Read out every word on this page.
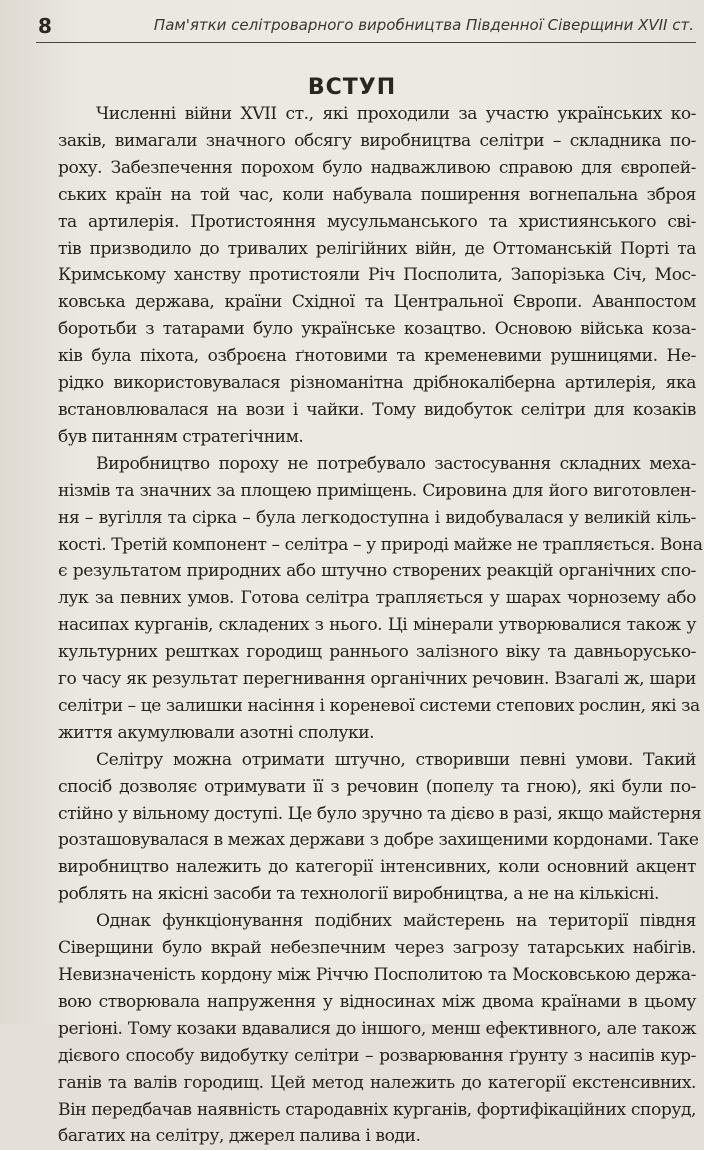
8	Пам'ятки селітроварного виробництва Південної Сіверщини XVII ст.
ВСТУП

Численні війни XVII ст., які проходили за участю українських ко-
заків, вимагали значного обсягу виробництва селітри – складника по-
роху. Забезпечення порохом було надважливою справою для європей-
ських країн на той час, коли набувала поширення вогнепальна зброя
та артилерія. Протистояння мусульманського та християнського сві-
тів призводило до тривалих релігійних війн, де Оттоманській Порті та
Кримському ханству протистояли Річ Посполита, Запорізька Січ, Мос-
ковська держава, країни Східної та Центральної Європи. Аванпостом
боротьби з татарами було українське козацтво. Основою війська коза-
ків була піхота, озброєна ґнотовими та кременевими рушницями. Не-
рідко використовувалася різноманітна дрібнокаліберна артилерія, яка
встановлювалася на вози і чайки. Тому видобуток селітри для козаків
був питанням стратегічним.

Виробництво пороху не потребувало застосування складних меха-
нізмів та значних за площею приміщень. Сировина для його виготовлен-
ня – вугілля та сірка – була легкодоступна і видобувалася у великій кіль-
кості. Третій компонент – селітра – у природі майже не трапляється. Вона
є результатом природних або штучно створених реакцій органічних спо-
лук за певних умов. Готова селітра трапляється у шарах чорнозему або
насипах курганів, складених з нього. Ці мінерали утворювалися також у
культурних рештках городищ раннього залізного віку та давньорусько-
го часу як результат перегнивання органічних речовин. Взагалі ж, шари
селітри – це залишки насіння і кореневої системи степових рослин, які за
життя акумулювали азотні сполуки.

Селітру можна отримати штучно, створивши певні умови. Такий
спосіб дозволяє отримувати її з речовин (попелу та гною), які були по-
стійно у вільному доступі. Це було зручно та дієво в разі, якщо майстерня
розташовувалася в межах держави з добре захищеними кордонами. Таке
виробництво належить до категорії інтенсивних, коли основний акцент
роблять на якісні засоби та технології виробництва, а не на кількісні.

Однак функціонування подібних майстерень на території півдня
Сіверщини було вкрай небезпечним через загрозу татарських набігів.
Невизначеність кордону між Річчю Посполитою та Московською держа-
вою створювала напруження у відносинах між двома країнами в цьому
регіоні. Тому козаки вдавалися до іншого, менш ефективного, але також
дієвого способу видобутку селітри – розварювання ґрунту з насипів кур-
ганів та валів городищ. Цей метод належить до категорії екстенсивних.
Він передбачав наявність стародавніх курганів, фортифікаційних споруд,
багатих на селітру, джерел палива і води.
